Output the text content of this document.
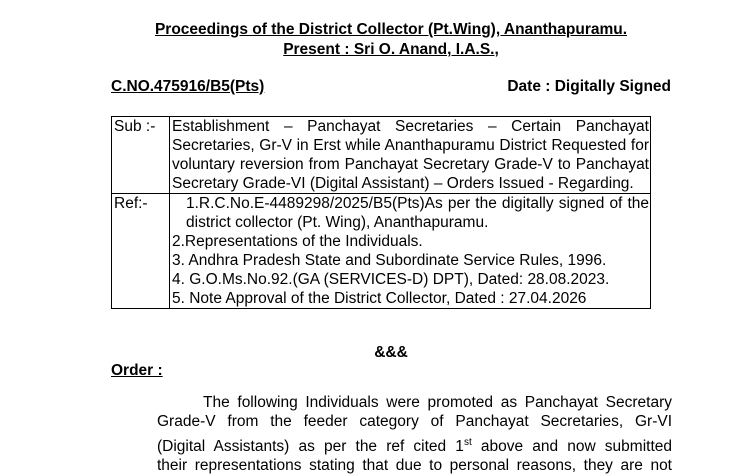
Proceedings of the District Collector (Pt.Wing), Ananthapuramu.
Present : Sri O. Anand, I.A.S.,
C.NO.475916/B5(Pts)	Date : Digitally Signed
Sub :-	Establishment – Panchayat Secretaries – Certain Panchayat Secretaries, Gr-V in Erst while Ananthapuramu District Requested for voluntary reversion from Panchayat Secretary Grade-V to Panchayat Secretary Grade-VI (Digital Assistant) – Orders Issued - Regarding.
Ref:-	1.R.C.No.E-4489298/2025/B5(Pts)As per the digitally signed of the district collector (Pt. Wing), Ananthapuramu.
2.Representations of the Individuals.
3. Andhra Pradesh State and Subordinate Service Rules, 1996.
4. G.O.Ms.No.92.(GA (SERVICES-D) DPT), Dated: 28.08.2023.
5. Note Approval of the District Collector, Dated : 27.04.2026
&&&
Order :
The following Individuals were promoted as Panchayat Secretary
Grade-V from the feeder category of Panchayat Secretaries, Gr-VI
(Digital Assistants) as per the ref cited 1st above and now submitted
their representations stating that due to personal reasons, they are not
